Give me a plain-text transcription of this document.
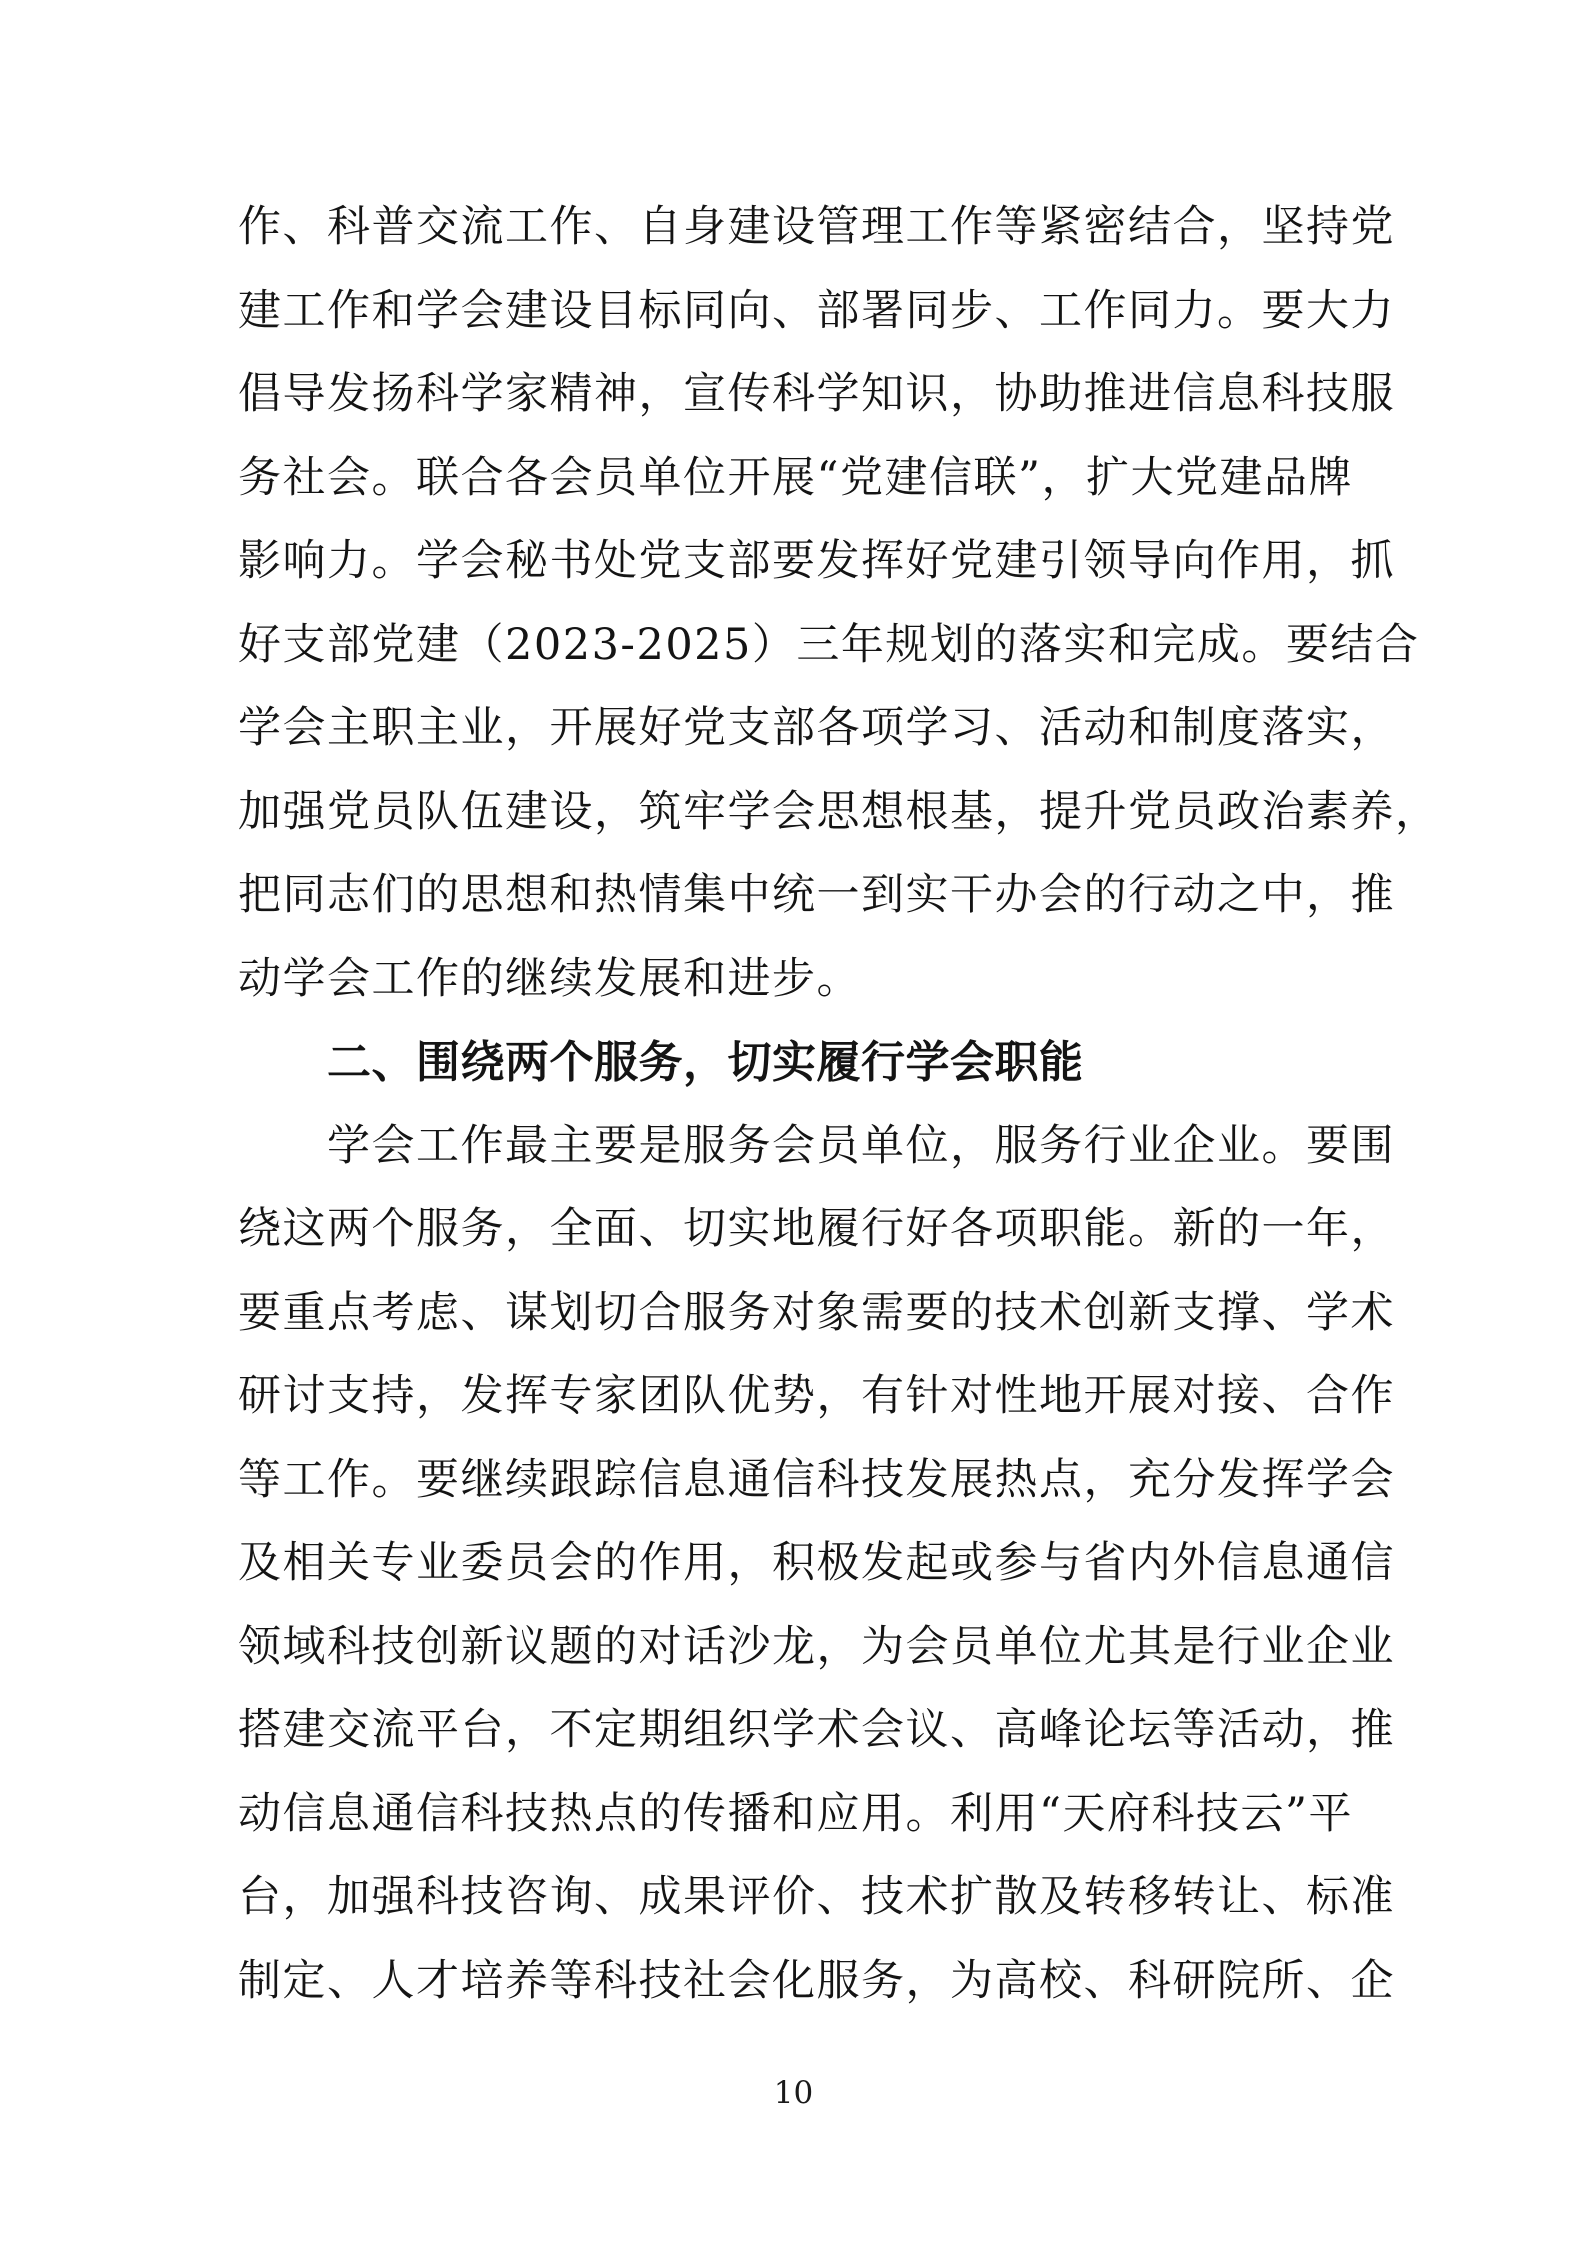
作、科普交流工作、自身建设管理工作等紧密结合，坚持党
建工作和学会建设目标同向、部署同步、工作同力。要大力
倡导发扬科学家精神，宣传科学知识，协助推进信息科技服
务社会。联合各会员单位开展“党建信联”，扩大党建品牌
影响力。学会秘书处党支部要发挥好党建引领导向作用，抓
好支部党建（2023-2025）三年规划的落实和完成。要结合
学会主职主业，开展好党支部各项学习、活动和制度落实，
加强党员队伍建设，筑牢学会思想根基，提升党员政治素养，
把同志们的思想和热情集中统一到实干办会的行动之中，推
动学会工作的继续发展和进步。
二、围绕两个服务，切实履行学会职能
学会工作最主要是服务会员单位，服务行业企业。要围
绕这两个服务，全面、切实地履行好各项职能。新的一年，
要重点考虑、谋划切合服务对象需要的技术创新支撑、学术
研讨支持，发挥专家团队优势，有针对性地开展对接、合作
等工作。要继续跟踪信息通信科技发展热点，充分发挥学会
及相关专业委员会的作用，积极发起或参与省内外信息通信
领域科技创新议题的对话沙龙，为会员单位尤其是行业企业
搭建交流平台，不定期组织学术会议、高峰论坛等活动，推
动信息通信科技热点的传播和应用。利用“天府科技云”平
台，加强科技咨询、成果评价、技术扩散及转移转让、标准
制定、人才培养等科技社会化服务，为高校、科研院所、企
10
